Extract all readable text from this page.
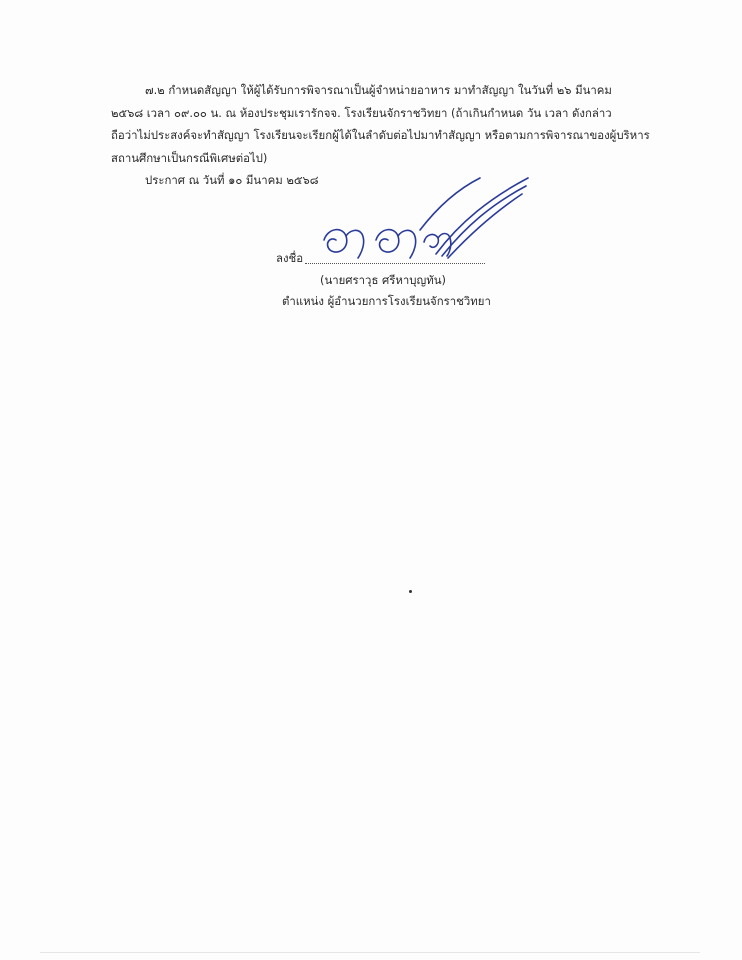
๗.๒ กำหนดสัญญา ให้ผู้ได้รับการพิจารณาเป็นผู้จำหน่ายอาหาร มาทำสัญญา ในวันที่ ๒๖ มีนาคม
๒๕๖๘ เวลา ๐๙.๐๐ น. ณ ห้องประชุมเรารักจจ. โรงเรียนจักราชวิทยา (ถ้าเกินกำหนด วัน เวลา ดังกล่าว
ถือว่าไม่ประสงค์จะทำสัญญา โรงเรียนจะเรียกผู้ได้ในลำดับต่อไปมาทำสัญญา หรือตามการพิจารณาของผู้บริหาร
สถานศึกษาเป็นกรณีพิเศษต่อไป)
ประกาศ ณ วันที่ ๑๐ มีนาคม ๒๕๖๘
ลงชื่อ
(นายศราวุธ ศรีหาบุญทัน)
ตำแหน่ง ผู้อำนวยการโรงเรียนจักราชวิทยา
